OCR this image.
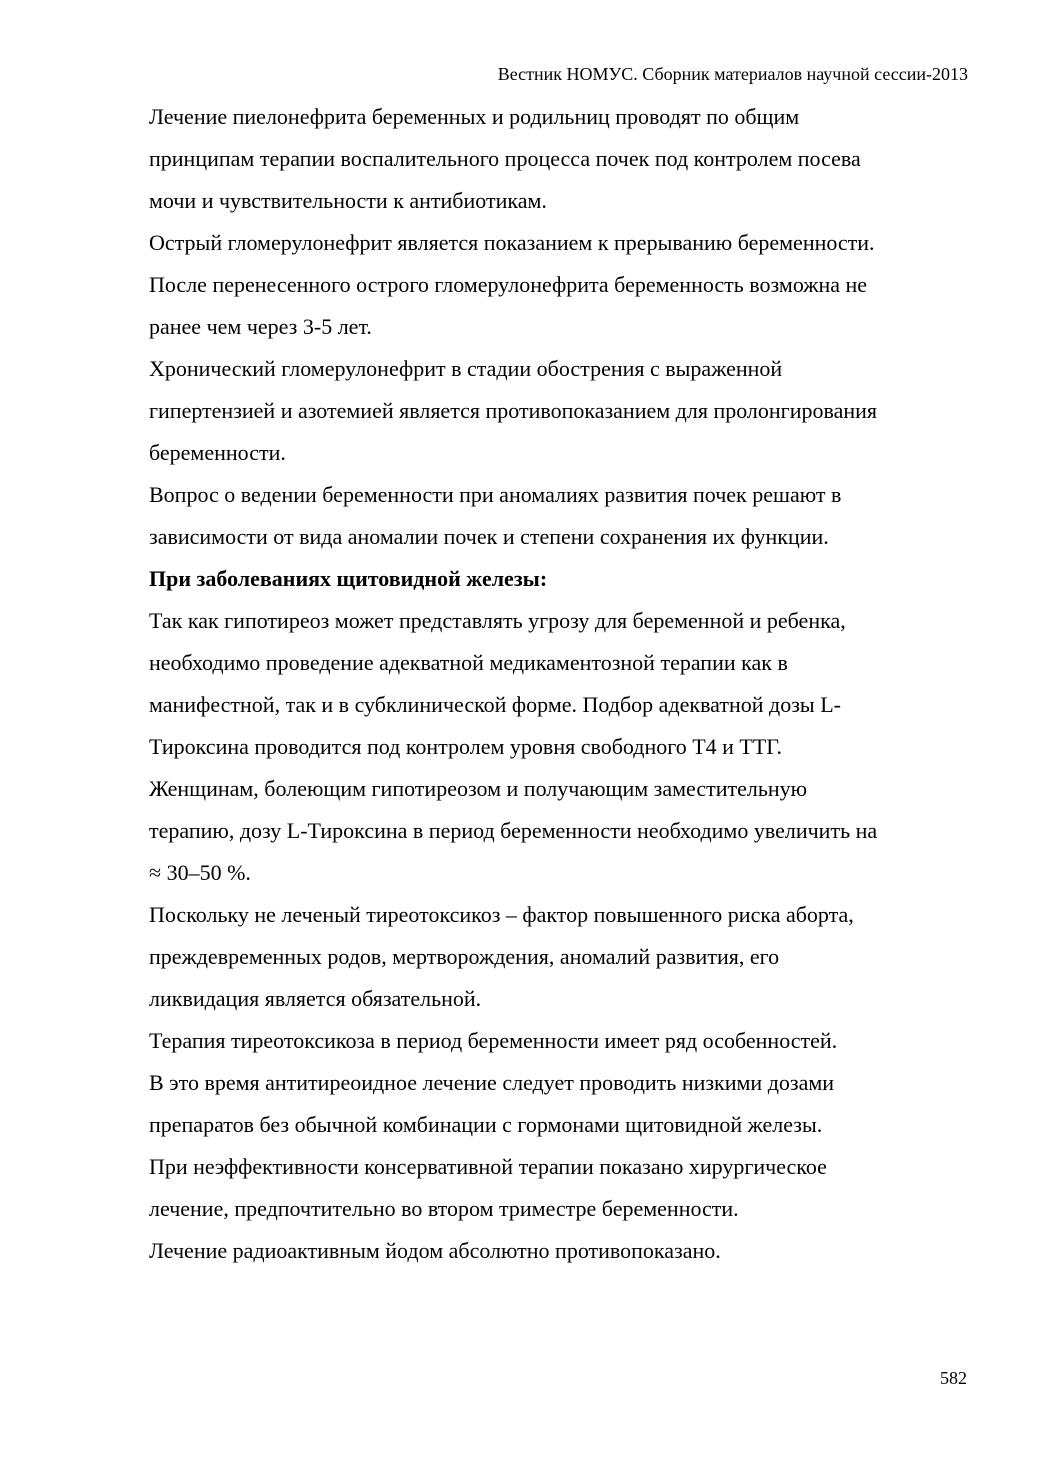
Вестник НОМУС. Сборник материалов научной сессии-2013
Лечение пиелонефрита беременных и родильниц проводят по общим
принципам терапии воспалительного процесса почек под контролем посева
мочи и чувствительности к антибиотикам.
Острый гломерулонефрит является показанием к прерыванию беременности.
После перенесенного острого гломерулонефрита беременность возможна не
ранее чем через 3-5 лет.
Хронический гломерулонефрит в стадии обострения с выраженной
гипертензией и азотемией является противопоказанием для пролонгирования
беременности.
Вопрос о ведении беременности при аномалиях развития почек решают в
зависимости от вида аномалии почек и степени сохранения их функции.
При заболеваниях щитовидной железы:
Так как гипотиреоз может представлять угрозу для беременной и ребенка,
необходимо проведение адекватной медикаментозной терапии как в
манифестной, так и в субклинической форме. Подбор адекватной дозы L-
Тироксина проводится под контролем уровня свободного Т4 и ТТГ.
Женщинам, болеющим гипотиреозом и получающим заместительную
терапию, дозу L-Тироксина в период беременности необходимо увеличить на
≈ 30–50 %.
Поскольку не леченый тиреотоксикоз – фактор повышенного риска аборта,
преждевременных родов, мертворождения, аномалий развития, его
ликвидация является обязательной.
Терапия тиреотоксикоза в период беременности имеет ряд особенностей.
В это время антитиреоидное лечение следует проводить низкими дозами
препаратов без обычной комбинации с гормонами щитовидной железы.
При неэффективности консервативной терапии показано хирургическое
лечение, предпочтительно во втором триместре беременности.
Лечение радиоактивным йодом абсолютно противопоказано.
582
